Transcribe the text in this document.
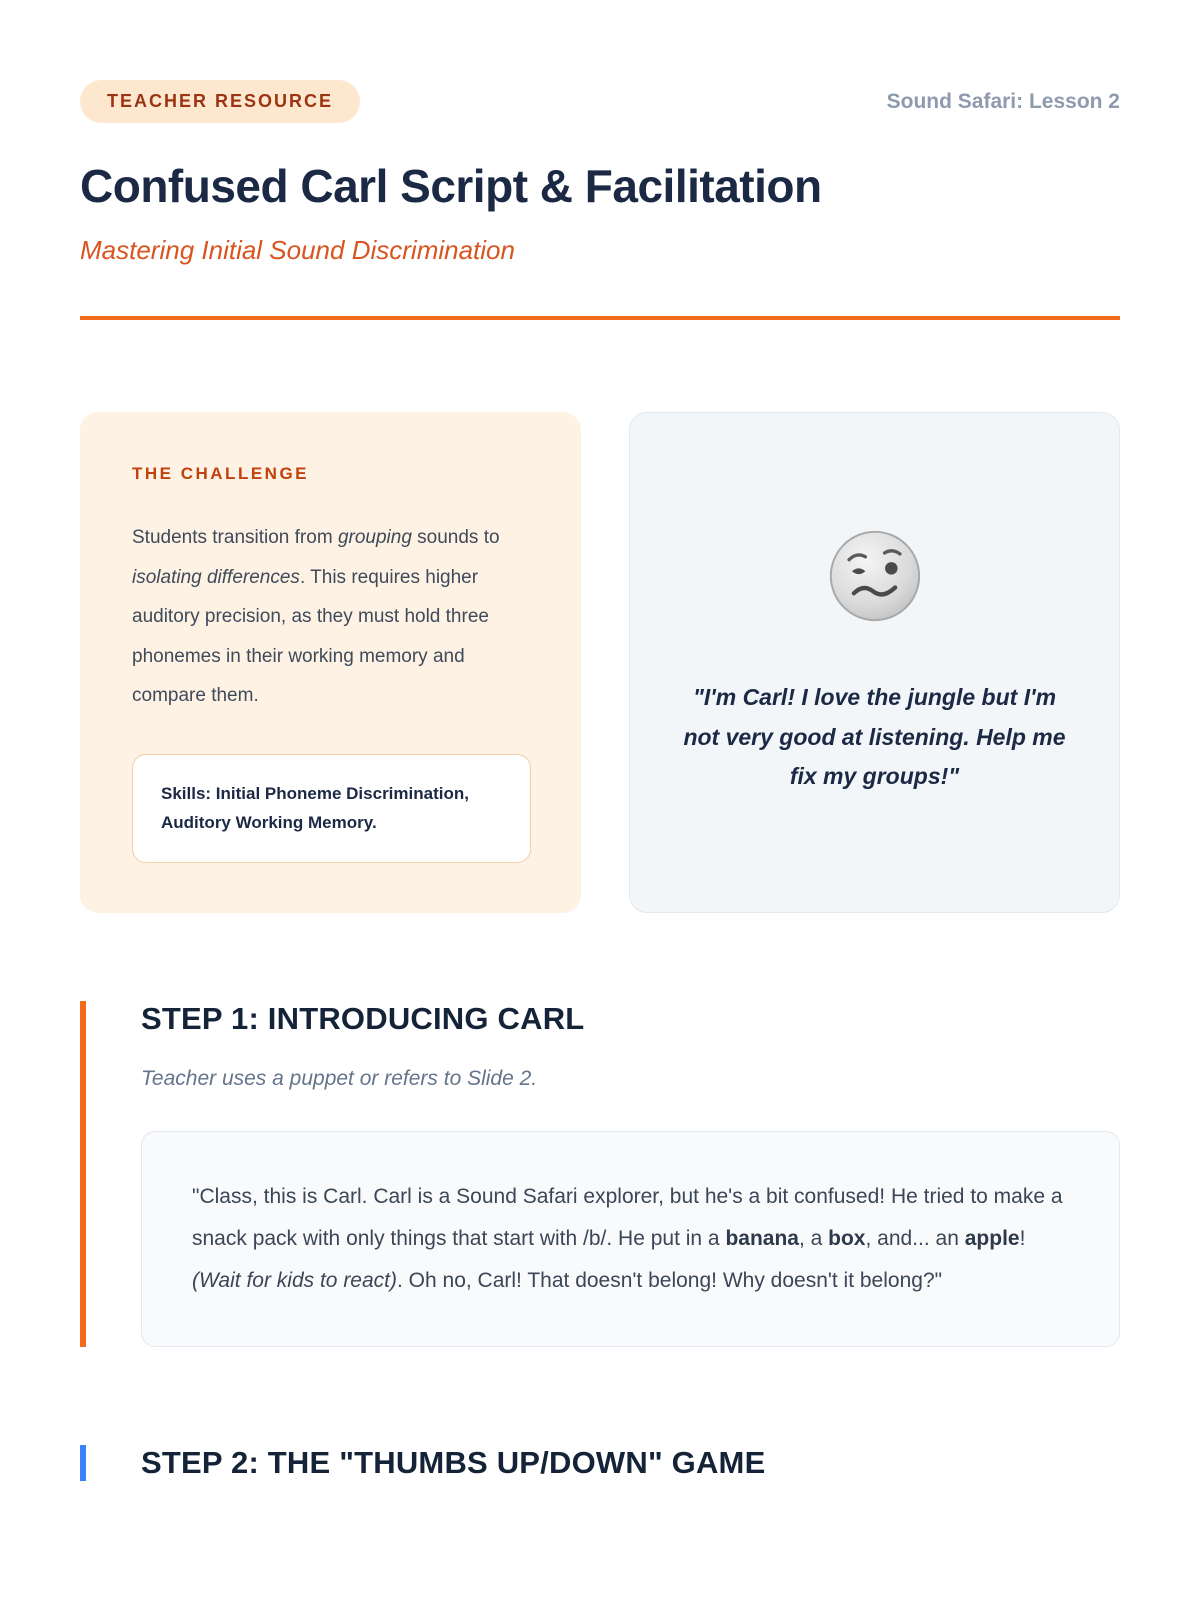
TEACHER RESOURCE	Sound Safari: Lesson 2
Confused Carl Script & Facilitation
Mastering Initial Sound Discrimination
THE CHALLENGE

Students transition from grouping sounds to isolating differences. This requires higher auditory precision, as they must hold three phonemes in their working memory and compare them.

Skills: Initial Phoneme Discrimination, Auditory Working Memory.
"I'm Carl! I love the jungle but I'm not very good at listening. Help me fix my groups!"
STEP 1: INTRODUCING CARL
Teacher uses a puppet or refers to Slide 2.
"Class, this is Carl. Carl is a Sound Safari explorer, but he's a bit confused! He tried to make a snack pack with only things that start with /b/. He put in a banana, a box, and... an apple! (Wait for kids to react). Oh no, Carl! That doesn't belong! Why doesn't it belong?"
STEP 2: THE "THUMBS UP/DOWN" GAME
